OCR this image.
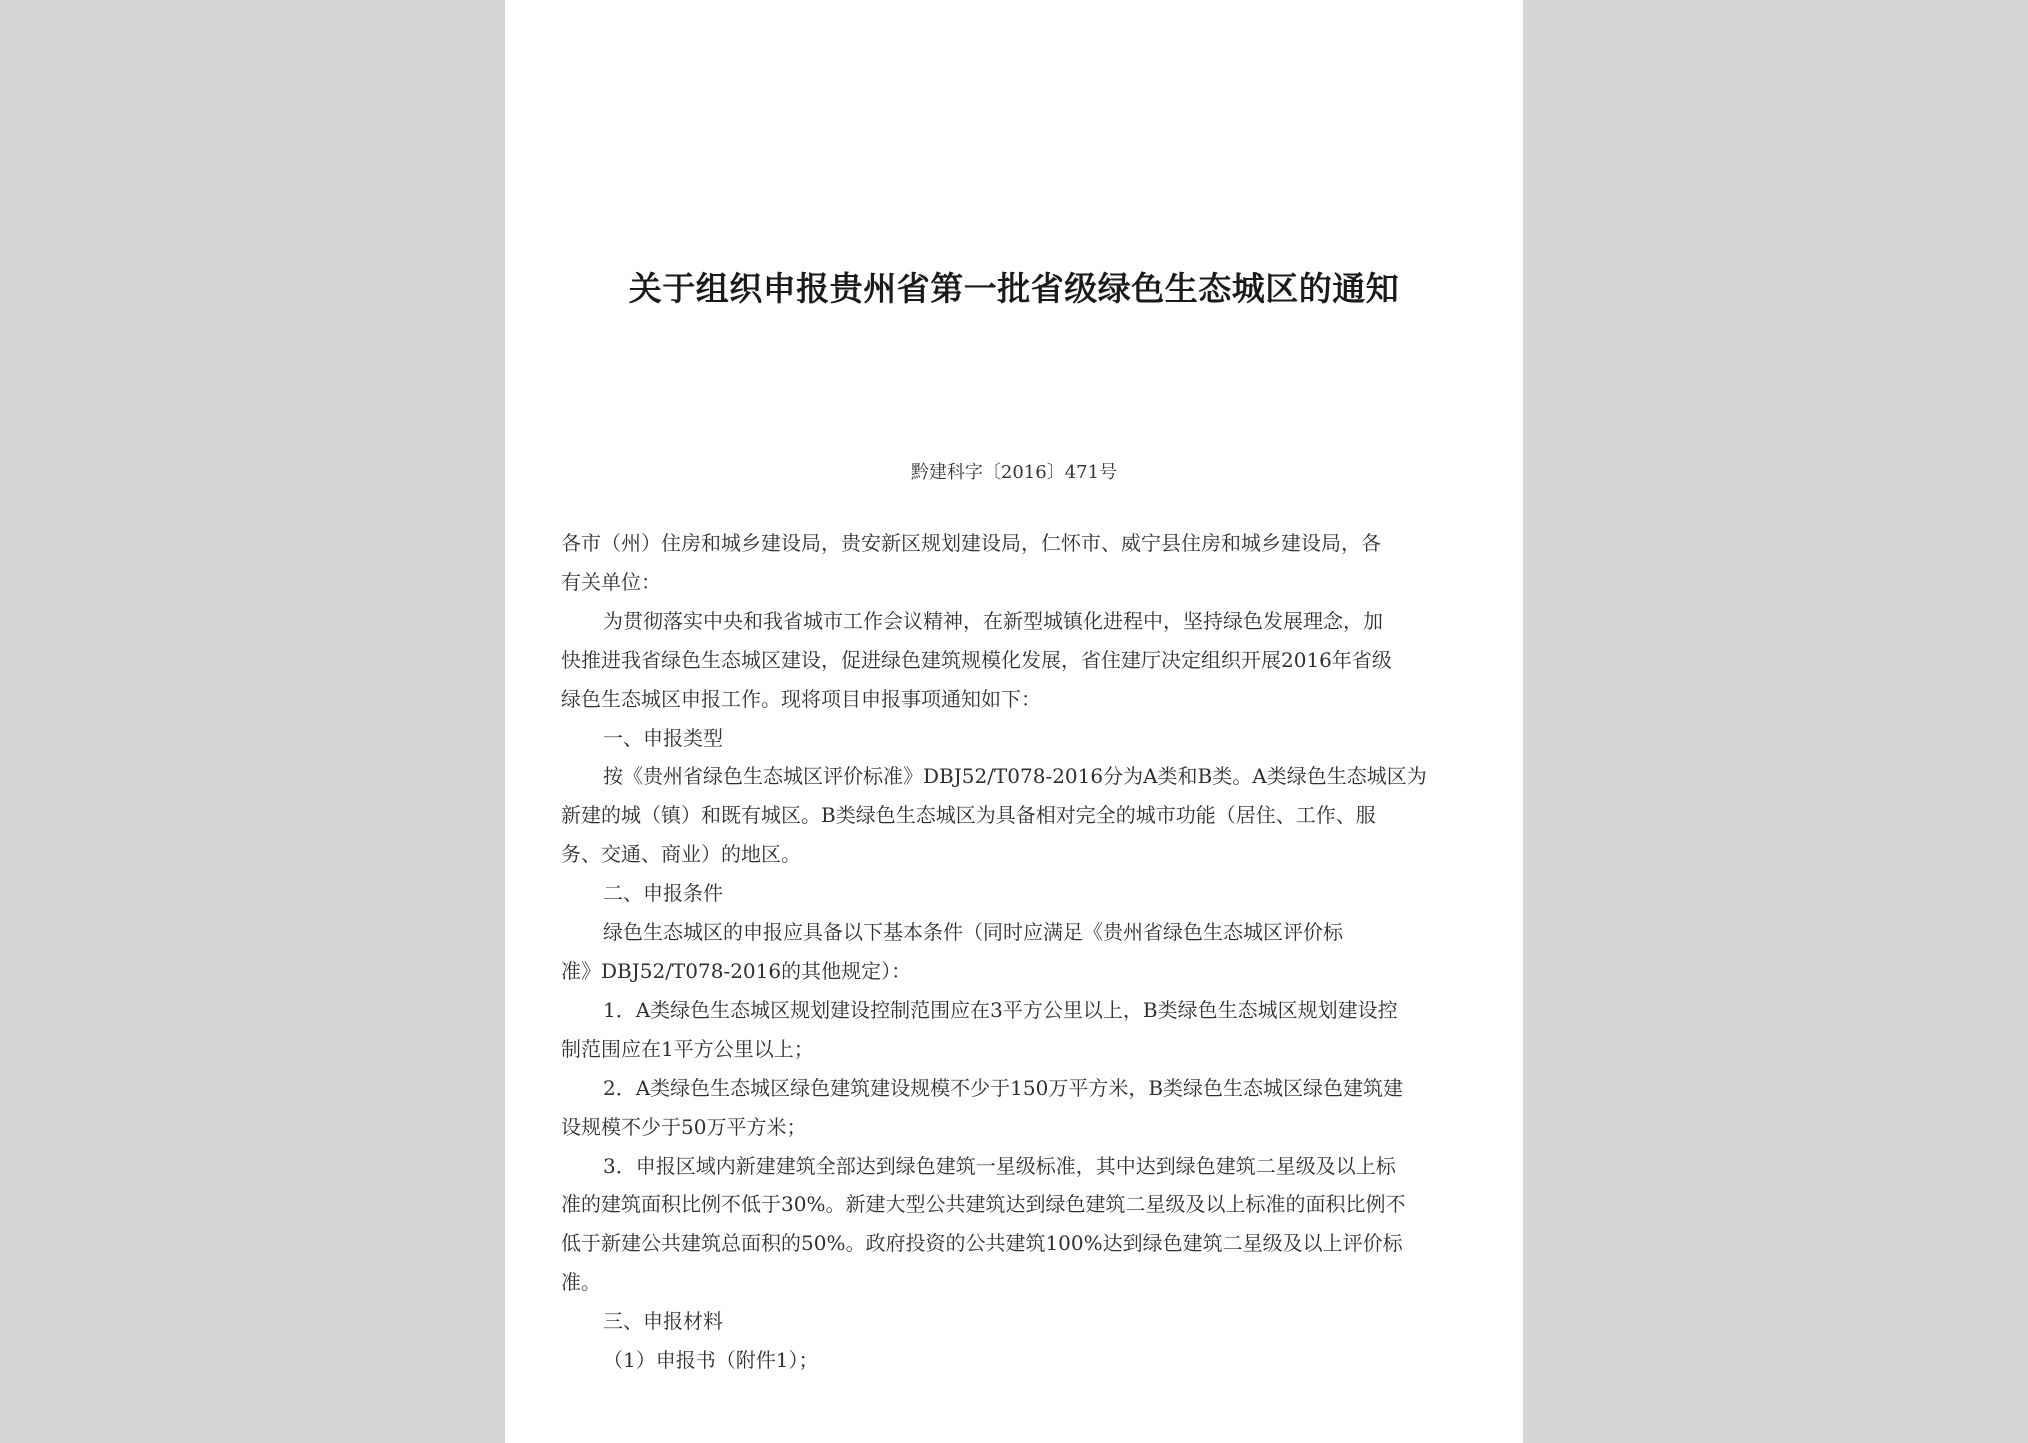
关于组织申报贵州省第一批省级绿色生态城区的通知
黔建科字〔2016〕471号

各市（州）住房和城乡建设局，贵安新区规划建设局，仁怀市、威宁县住房和城乡建设局，各

有关单位：

为贯彻落实中央和我省城市工作会议精神，在新型城镇化进程中，坚持绿色发展理念，加

快推进我省绿色生态城区建设，促进绿色建筑规模化发展，省住建厅决定组织开展2016年省级

绿色生态城区申报工作。现将项目申报事项通知如下：

一、申报类型

按《贵州省绿色生态城区评价标准》DBJ52/T078-2016分为A类和B类。A类绿色生态城区为

新建的城（镇）和既有城区。B类绿色生态城区为具备相对完全的城市功能（居住、工作、服

务、交通、商业）的地区。

二、申报条件

绿色生态城区的申报应具备以下基本条件（同时应满足《贵州省绿色生态城区评价标

准》DBJ52/T078-2016的其他规定）：

1．A类绿色生态城区规划建设控制范围应在3平方公里以上，B类绿色生态城区规划建设控

制范围应在1平方公里以上；

2．A类绿色生态城区绿色建筑建设规模不少于150万平方米，B类绿色生态城区绿色建筑建

设规模不少于50万平方米；

3．申报区域内新建建筑全部达到绿色建筑一星级标准，其中达到绿色建筑二星级及以上标

准的建筑面积比例不低于30%。新建大型公共建筑达到绿色建筑二星级及以上标准的面积比例不

低于新建公共建筑总面积的50%。政府投资的公共建筑100%达到绿色建筑二星级及以上评价标

准。

三、申报材料

（1）申报书（附件1）；
